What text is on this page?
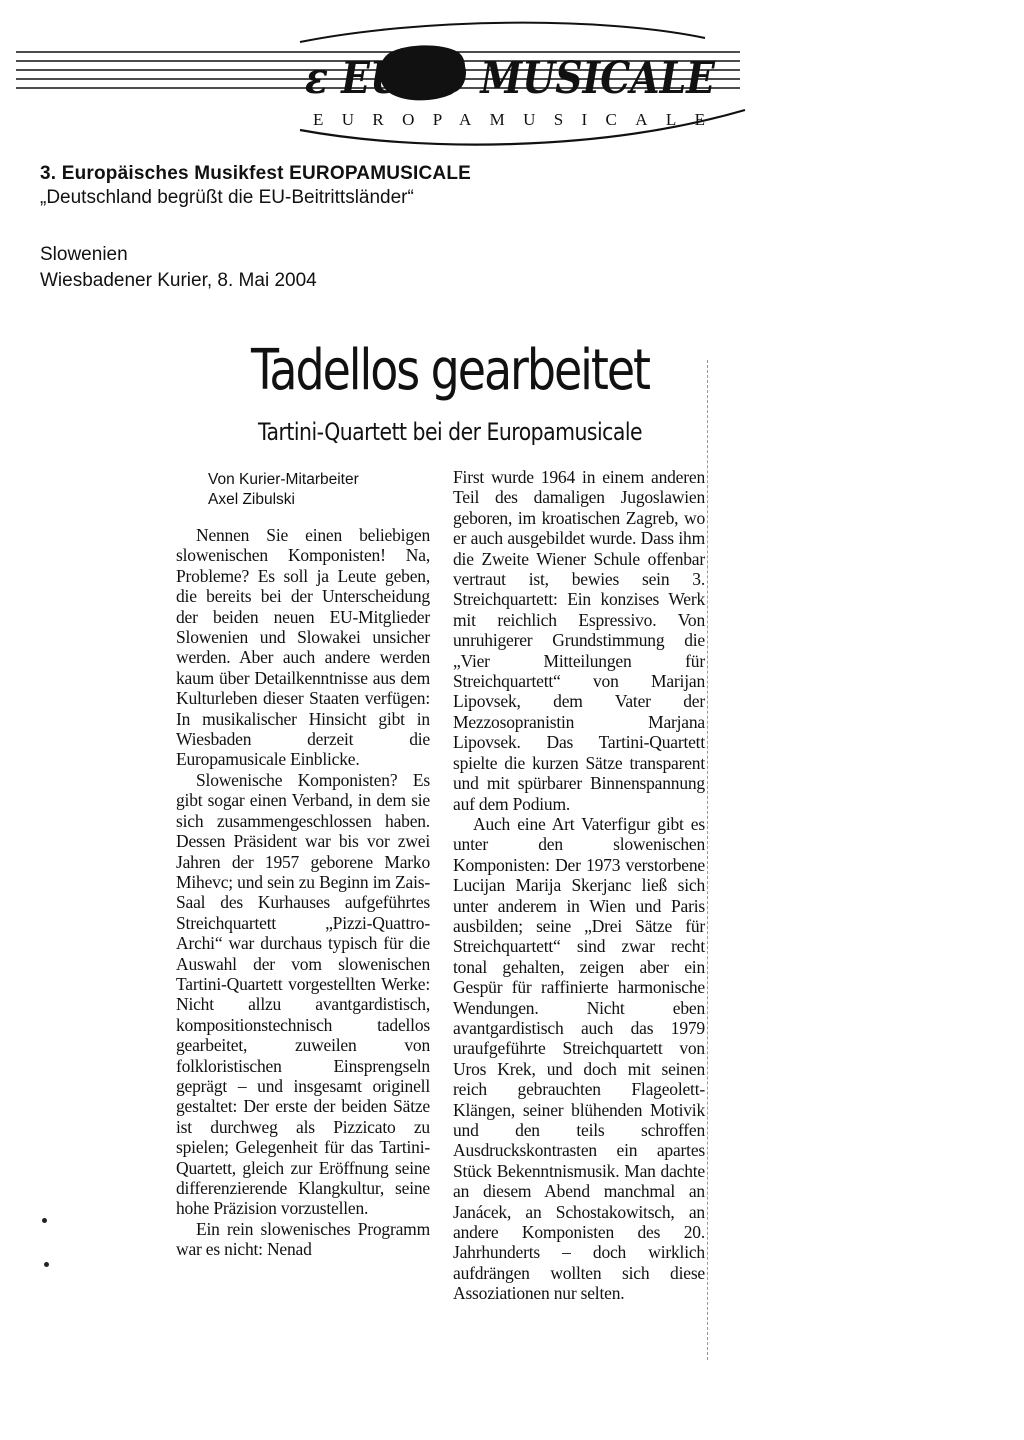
ε EURO MUSICALE
EUROPAMUSICALE

3. Europäisches Musikfest EUROPAMUSICALE

„Deutschland begrüßt die EU-Beitrittsländer“

Slowenien
Wiesbadener Kurier, 8. Mai 2004
Tadellos gearbeitet
Tartini-Quartett bei der Europamusicale
Von Kurier-Mitarbeiter
Axel Zibulski

Nennen Sie einen beliebigen slowenischen Komponisten! Na, Probleme? Es soll ja Leute geben, die bereits bei der Unterscheidung der beiden neuen EU-Mitglieder Slowenien und Slowakei unsicher werden. Aber auch andere werden kaum über Detailkenntnisse aus dem Kulturleben dieser Staaten verfügen: In musikalischer Hinsicht gibt in Wiesbaden derzeit die Europamusicale Einblicke.

Slowenische Komponisten? Es gibt sogar einen Verband, in dem sie sich zusammengeschlossen haben. Dessen Präsident war bis vor zwei Jahren der 1957 geborene Marko Mihevc; und sein zu Beginn im Zais-Saal des Kurhauses aufgeführtes Streichquartett „Pizzi-Quattro-Archi“ war durchaus typisch für die Auswahl der vom slowenischen Tartini-Quartett vorgestellten Werke: Nicht allzu avantgardistisch, kompositionstechnisch tadellos gearbeitet, zuweilen von folkloristischen Einsprengseln geprägt – und insgesamt originell gestaltet: Der erste der beiden Sätze ist durchweg als Pizzicato zu spielen; Gelegenheit für das Tartini-Quartett, gleich zur Eröffnung seine differenzierende Klangkultur, seine hohe Präzision vorzustellen.

Ein rein slowenisches Programm war es nicht: Nenad

First wurde 1964 in einem anderen Teil des damaligen Jugoslawien geboren, im kroatischen Zagreb, wo er auch ausgebildet wurde. Dass ihm die Zweite Wiener Schule offenbar vertraut ist, bewies sein 3. Streichquartett: Ein konzises Werk mit reichlich Espressivo. Von unruhigerer Grundstimmung die „Vier Mitteilungen für Streichquartett“ von Marijan Lipovsek, dem Vater der Mezzosopranistin Marjana Lipovsek. Das Tartini-Quartett spielte die kurzen Sätze transparent und mit spürbarer Binnenspannung auf dem Podium.

Auch eine Art Vaterfigur gibt es unter den slowenischen Komponisten: Der 1973 verstorbene Lucijan Marija Skerjanc ließ sich unter anderem in Wien und Paris ausbilden; seine „Drei Sätze für Streichquartett“ sind zwar recht tonal gehalten, zeigen aber ein Gespür für raffinierte harmonische Wendungen. Nicht eben avantgardistisch auch das 1979 uraufgeführte Streichquartett von Uros Krek, und doch mit seinen reich gebrauchten Flageolett-Klängen, seiner blühenden Motivik und den teils schroffen Ausdruckskontrasten ein apartes Stück Bekenntnismusik. Man dachte an diesem Abend manchmal an Janácek, an Schostakowitsch, an andere Komponisten des 20. Jahrhunderts – doch wirklich aufdrängen wollten sich diese Assoziationen nur selten.
